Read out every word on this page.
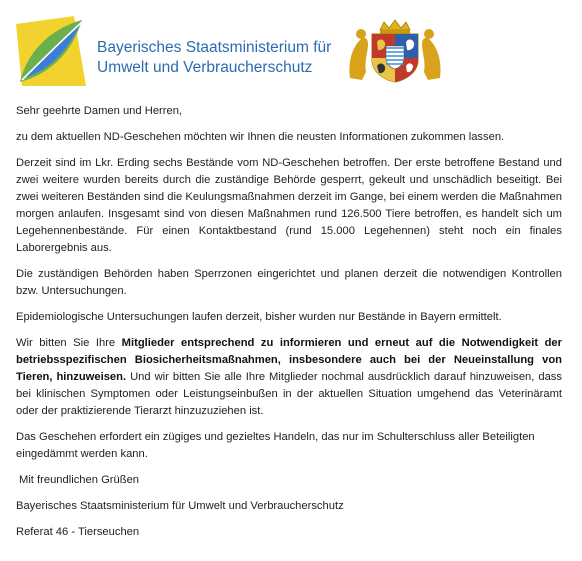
Bayerisches Staatsministerium für
Umwelt und Verbraucherschutz

Sehr geehrte Damen und Herren,

zu dem aktuellen ND-Geschehen möchten wir Ihnen die neusten Informationen zukommen lassen.

Derzeit sind im Lkr. Erding sechs Bestände vom ND-Geschehen betroffen. Der erste betroffene Bestand und zwei weitere wurden bereits durch die zuständige Behörde gesperrt, gekeult und unschädlich beseitigt. Bei zwei weiteren Beständen sind die Keulungsmaßnahmen derzeit im Gange, bei einem werden die Maßnahmen morgen anlaufen. Insgesamt sind von diesen Maßnahmen rund 126.500 Tiere betroffen, es handelt sich um Legehennenbestände. Für einen Kontaktbestand (rund 15.000 Legehennen) steht noch ein finales Laborergebnis aus.

Die zuständigen Behörden haben Sperrzonen eingerichtet und planen derzeit die notwendigen Kontrollen bzw. Untersuchungen.

Epidemiologische Untersuchungen laufen derzeit, bisher wurden nur Bestände in Bayern ermittelt.

Wir bitten Sie Ihre Mitglieder entsprechend zu informieren und erneut auf die Notwendigkeit der betriebsspezifischen Biosicherheitsmaßnahmen, insbesondere auch bei der Neueinstallung von Tieren, hinzuweisen. Und wir bitten Sie alle Ihre Mitglieder nochmal ausdrücklich darauf hinzuweisen, dass bei klinischen Symptomen oder Leistungseinbußen in der aktuellen Situation umgehend das Veterinäramt oder der praktizierende Tierarzt hinzuzuziehen ist.

Das Geschehen erfordert ein zügiges und gezieltes Handeln, das nur im Schulterschluss aller Beteiligten eingedämmt werden kann.

Mit freundlichen Grüßen

Bayerisches Staatsministerium für Umwelt und Verbraucherschutz

Referat 46 - Tierseuchen
